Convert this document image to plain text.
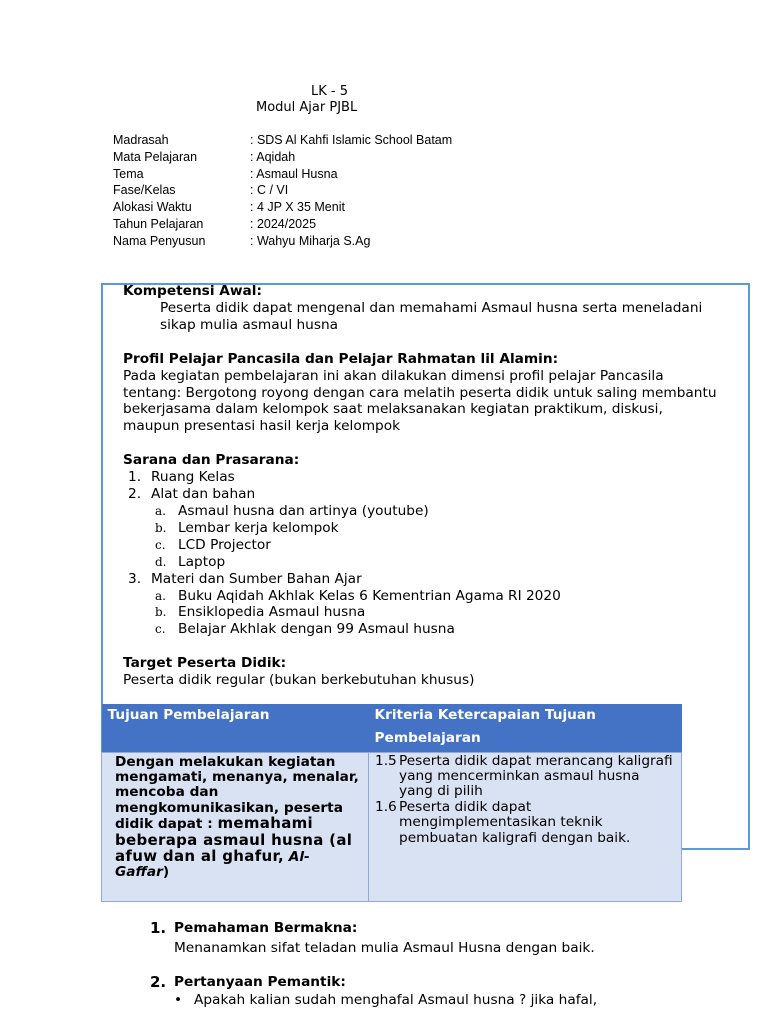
LK - 5
Modul Ajar PJBL
Madrasah	: SDS Al Kahfi Islamic School Batam
Mata Pelajaran	: Aqidah
Tema	: Asmaul Husna
Fase/Kelas	: C / VI
Alokasi Waktu	: 4 JP X 35 Menit
Tahun Pelajaran	: 2024/2025
Nama Penyusun	: Wahyu Miharja S.Ag
Kompetensi Awal:
Peserta didik dapat mengenal dan memahami Asmaul husna serta meneladani sikap mulia asmaul husna
Profil Pelajar Pancasila dan Pelajar Rahmatan lil Alamin:
Pada kegiatan pembelajaran ini akan dilakukan dimensi profil pelajar Pancasila tentang: Bergotong royong dengan cara melatih peserta didik untuk saling membantu bekerjasama dalam kelompok saat melaksanakan kegiatan praktikum, diskusi, maupun presentasi hasil kerja kelompok
Sarana dan Prasarana:
1. Ruang Kelas
2. Alat dan bahan
a. Asmaul husna dan artinya (youtube)
b. Lembar kerja kelompok
c. LCD Projector
d. Laptop
3. Materi dan Sumber Bahan Ajar
a. Buku Aqidah Akhlak Kelas 6 Kementrian Agama RI 2020
b. Ensiklopedia Asmaul husna
c. Belajar Akhlak dengan 99 Asmaul husna
Target Peserta Didik:
Peserta didik regular (bukan berkebutuhan khusus)
Tujuan Pembelajaran	Kriteria Ketercapaian Tujuan Pembelajaran

Dengan melakukan kegiatan mengamati, menanya, menalar, mencoba dan mengkomunikasikan, peserta didik dapat : memahami beberapa asmaul husna (al afuw dan al ghafur, Al-Gaffar)	1.5 Peserta didik dapat merancang kaligrafi yang mencerminkan asmaul husna yang di pilih
1.6 Peserta didik dapat mengimplementasikan teknik pembuatan kaligrafi dengan baik.
1. Pemahaman Bermakna:
Menanamkan sifat teladan mulia Asmaul Husna dengan baik.
2. Pertanyaan Pemantik:
• Apakah kalian sudah menghafal Asmaul husna ? jika hafal,
